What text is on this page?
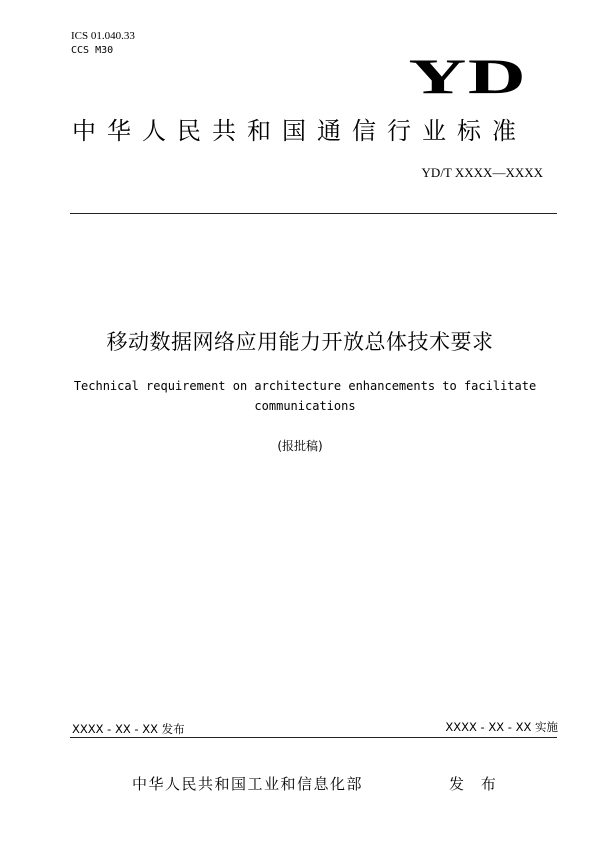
ICS 01.040.33
CCS M30	YD
中华人民共和国通信行业标准
YD/T XXXX—XXXX
移动数据网络应用能力开放总体技术要求
Technical requirement on architecture enhancements to facilitate communications
(报批稿)
XXXX - XX - XX 发布	XXXX - XX - XX 实施
中华人民共和国工业和信息化部	发 布
